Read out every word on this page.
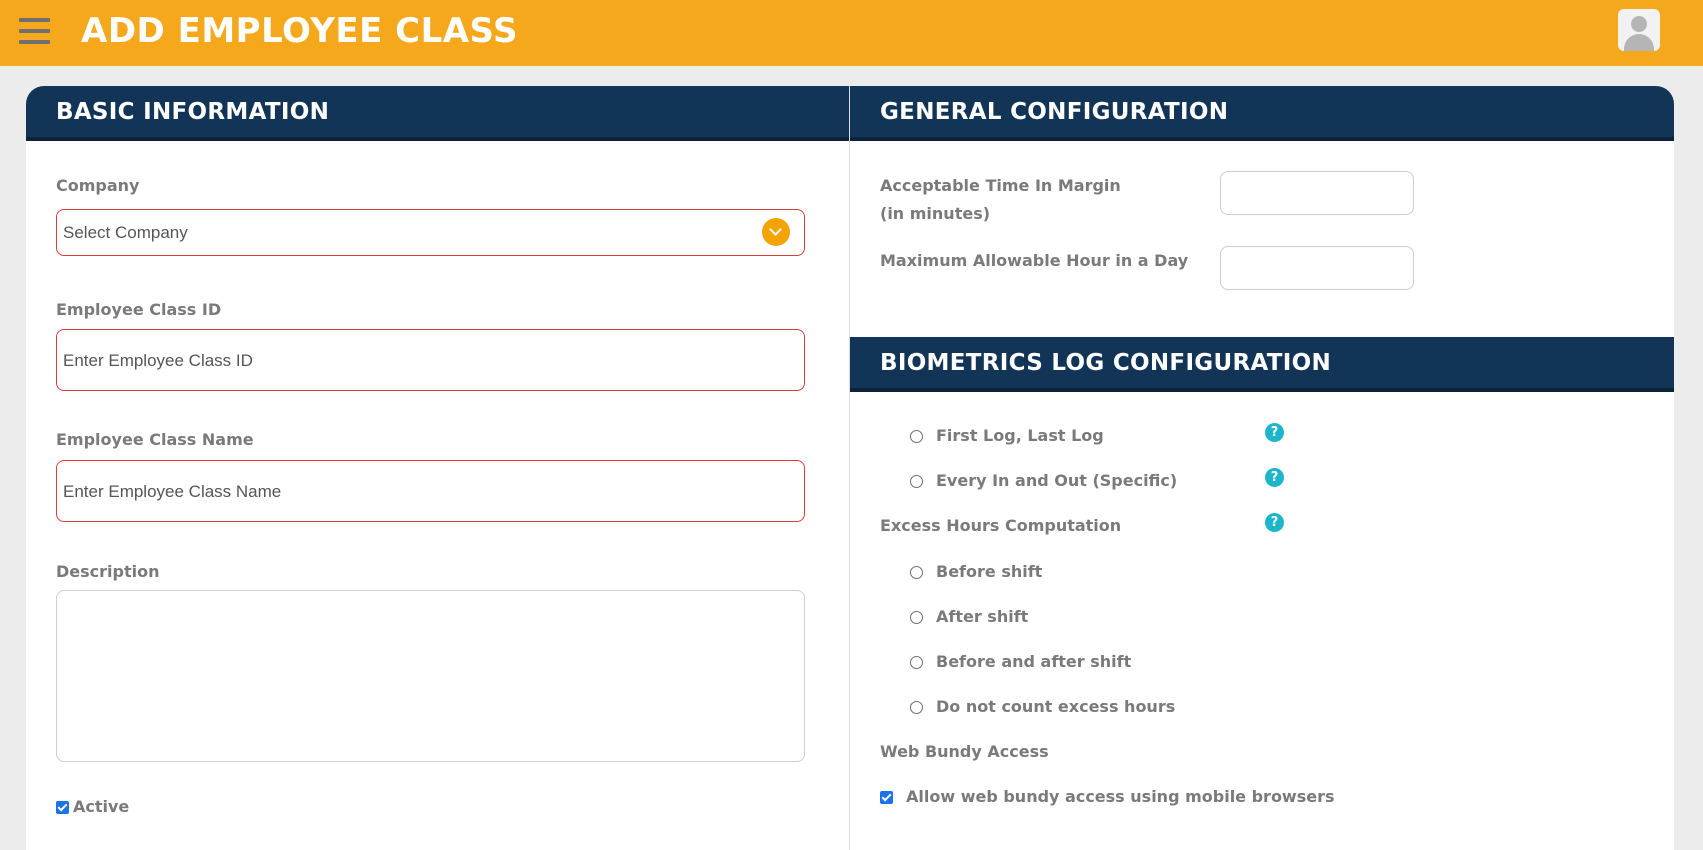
ADD EMPLOYEE CLASS
BASIC INFORMATION
Company
Select Company
Employee Class ID
Enter Employee Class ID
Employee Class Name
Enter Employee Class Name
Description
Active
GENERAL CONFIGURATION
Acceptable Time In Margin
(in minutes)
Maximum Allowable Hour in a Day
BIOMETRICS LOG CONFIGURATION
First Log, Last Log	?
Every In and Out (Specific)	?
Excess Hours Computation	?
Before shift
After shift
Before and after shift
Do not count excess hours
Web Bundy Access
Allow web bundy access using mobile browsers
